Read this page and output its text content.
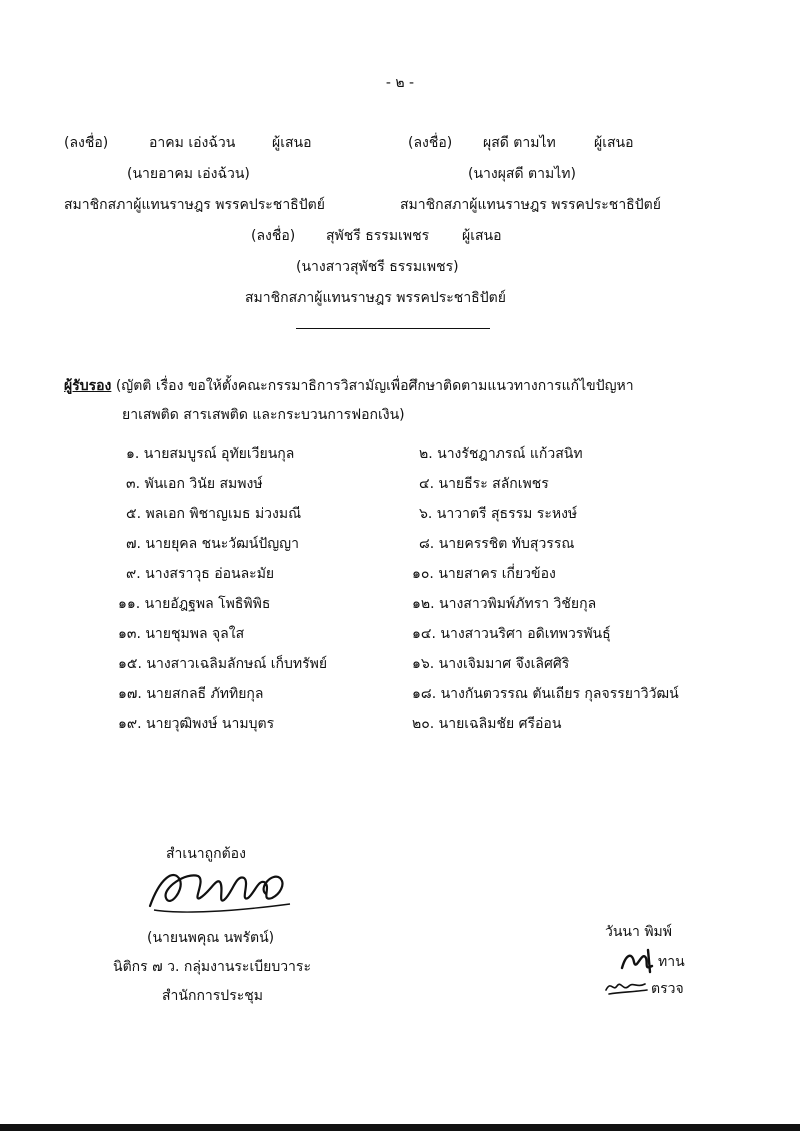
- ๒ -
(ลงชื่อ)	อาคม เอ่งฉ้วน	ผู้เสนอ
(นายอาคม เอ่งฉ้วน)
สมาชิกสภาผู้แทนราษฎร พรรคประชาธิปัตย์
(ลงชื่อ) ผุสดี ตามไท	ผู้เสนอ
(นางผุสดี ตามไท)
สมาชิกสภาผู้แทนราษฎร พรรคประชาธิปัตย์
(ลงชื่อ) สุพัชรี ธรรมเพชร ผู้เสนอ
(นางสาวสุพัชรี ธรรมเพชร)
สมาชิกสภาผู้แทนราษฎร พรรคประชาธิปัตย์
ผู้รับรอง (ญัตติ เรื่อง ขอให้ตั้งคณะกรรมาธิการวิสามัญเพื่อศึกษาติดตามแนวทางการแก้ไขปัญหา
ยาเสพติด สารเสพติด และกระบวนการฟอกเงิน)
๑. นายสมบูรณ์ อุทัยเวียนกุล	๒. นางรัชฎาภรณ์ แก้วสนิท
๓. พันเอก วินัย สมพงษ์	๔. นายธีระ สลักเพชร
๕. พลเอก พิชาญเมธ ม่วงมณี	๖. นาวาตรี สุธรรม ระหงษ์
๗. นายยุคล ชนะวัฒน์ปัญญา	๘. นายครรชิต ทับสุวรรณ
๙. นางสราวุธ อ่อนละมัย	๑๐. นายสาคร เกี่ยวข้อง
๑๑. นายอัฎฐพล โพธิพิพิธ	๑๒. นางสาวพิมพ์ภัทรา วิชัยกุล
๑๓. นายชุมพล จุลใส	๑๔. นางสาวนริศา อดิเทพวรพันธุ์
๑๕. นางสาวเฉลิมลักษณ์ เก็บทรัพย์	๑๖. นางเจิมมาศ จึงเลิศศิริ
๑๗. นายสกลธี ภัททิยกุล	๑๘. นางกันตวรรณ ตันเถียร กุลจรรยาวิวัฒน์
๑๙. นายวุฒิพงษ์ นามบุตร	๒๐. นายเฉลิมชัย ศรีอ่อน
สำเนาถูกต้อง
(นายนพคุณ นพรัตน์)
นิติกร ๗ ว. กลุ่มงานระเบียบวาระ
สำนักการประชุม
วันนา พิมพ์
ทาน
ตรวจ
